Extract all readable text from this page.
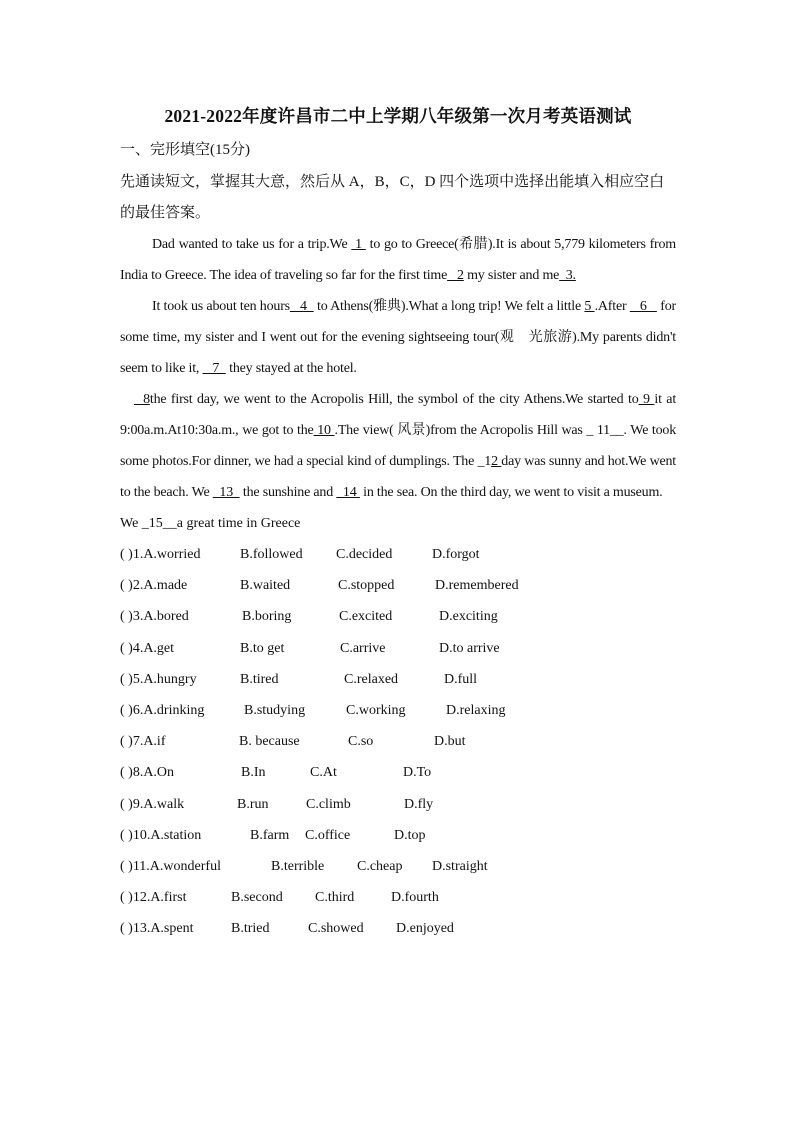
2021-2022年度许昌市二中上学期八年级第一次月考英语测试
一、完形填空(15分)

先通读短文，掌握其大意，然后从 A，B，C，D 四个选项中选择出能填入相应空白的最佳答案。

Dad wanted to take us for a trip.We  1  to go to Greece(希腊).It is about 5,779 kilometers from India to Greece. The idea of traveling so far for the first time   2 my sister and me  3.

It took us about ten hours   4   to Athens(雅典).What a long trip! We felt a little 5 .After    6    for some time, my sister and I went out for the evening sightseeing tour(观　光旅游).My parents didn't seem to like it,    7   they stayed at the hotel.

8the first day, we went to the Acropolis Hill, the symbol of the city Athens.We started to 9 it at 9:00a.m.At10:30a.m., we got to the 10 .The view( 风景)from the Acropolis Hill was _ 11__. We took some photos.For dinner, we had a special kind of dumplings. The _12 day was sunny and hot.We went to the beach. We   13   the sunshine and   14  in the sea. On the third day, we went to visit a museum.

We _15__a great time in Greece

( )1.A.worried	B.followed C.decided	D.forgot
( )2.A.made	B.waited	C.stopped	D.remembered
( )3.A.bored	B.boring	C.excited	D.exciting
( )4.A.get	B.to get	C.arrive	D.to arrive
( )5.A.hungry	B.tired	C.relaxed	D.full
( )6.A.drinking	B.studying	C.working	D.relaxing
( )7.A.if	B. because	C.so	D.but
( )8.A.On	B.In	C.At	D.To
( )9.A.walk	B.run	C.climb	D.fly
( )10.A.station	B.farm C.office	D.top
( )11.A.wonderful	B.terrible C.cheap D.straight
( )12.A.first	B.second C.third	D.fourth
( )13.A.spent	B.tried	C.showed D.enjoyed
